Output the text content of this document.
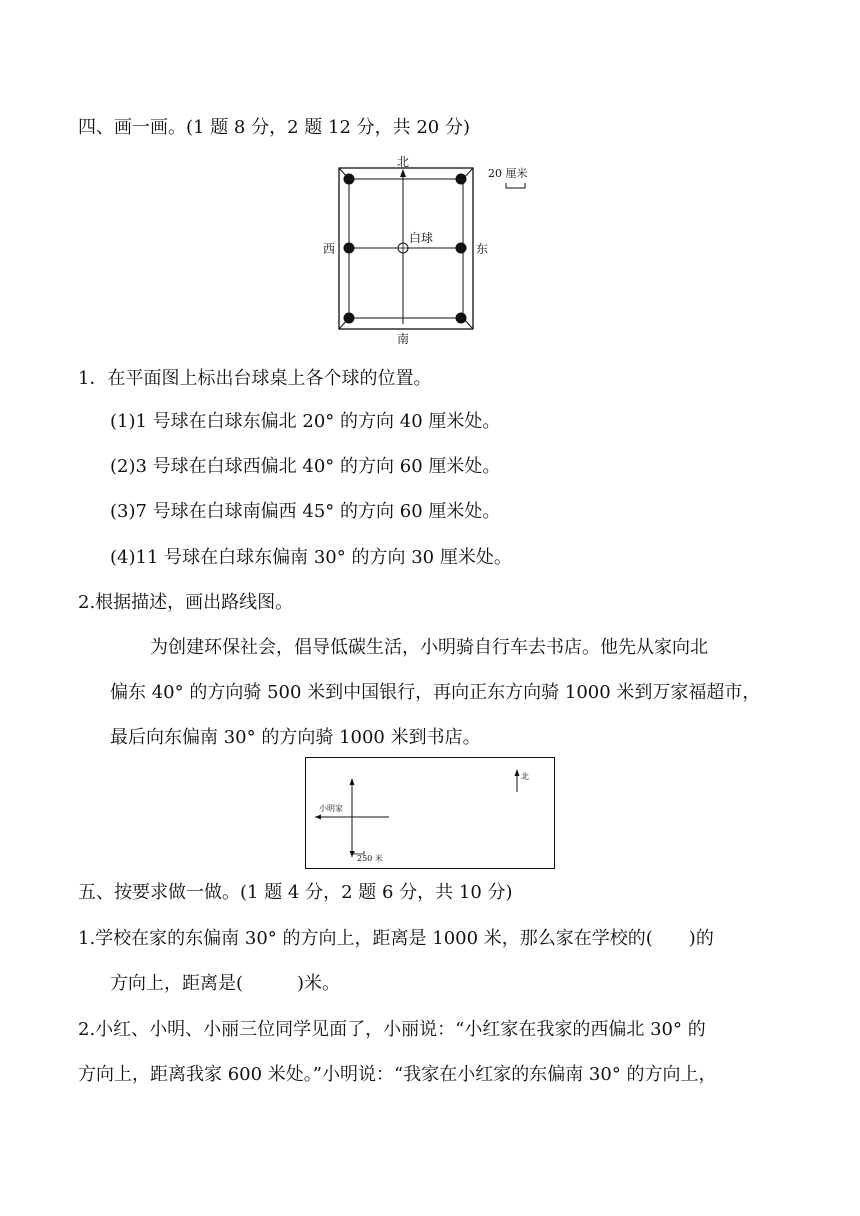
四、画一画。(1 题 8 分，2 题 12 分，共 20 分)
白球
北
南
西	东
20 厘米
1．在平面图上标出台球桌上各个球的位置。
(1)1 号球在白球东偏北 20° 的方向 40 厘米处。
(2)3 号球在白球西偏北 40° 的方向 60 厘米处。
(3)7 号球在白球南偏西 45° 的方向 60 厘米处。
(4)11 号球在白球东偏南 30° 的方向 30 厘米处。
2.根据描述，画出路线图。
为创建环保社会，倡导低碳生活，小明骑自行车去书店。他先从家向北
偏东 40° 的方向骑 500 米到中国银行，再向正东方向骑 1000 米到万家福超市，
最后向东偏南 30° 的方向骑 1000 米到书店。
小明家
250 米
北
五、按要求做一做。(1 题 4 分，2 题 6 分，共 10 分)
1.学校在家的东偏南 30° 的方向上，距离是 1000 米，那么家在学校的(　　)的
方向上，距离是(　　　)米。
2.小红、小明、小丽三位同学见面了，小丽说：“小红家在我家的西偏北 30° 的
方向上，距离我家 600 米处。”小明说：“我家在小红家的东偏南 30° 的方向上，
